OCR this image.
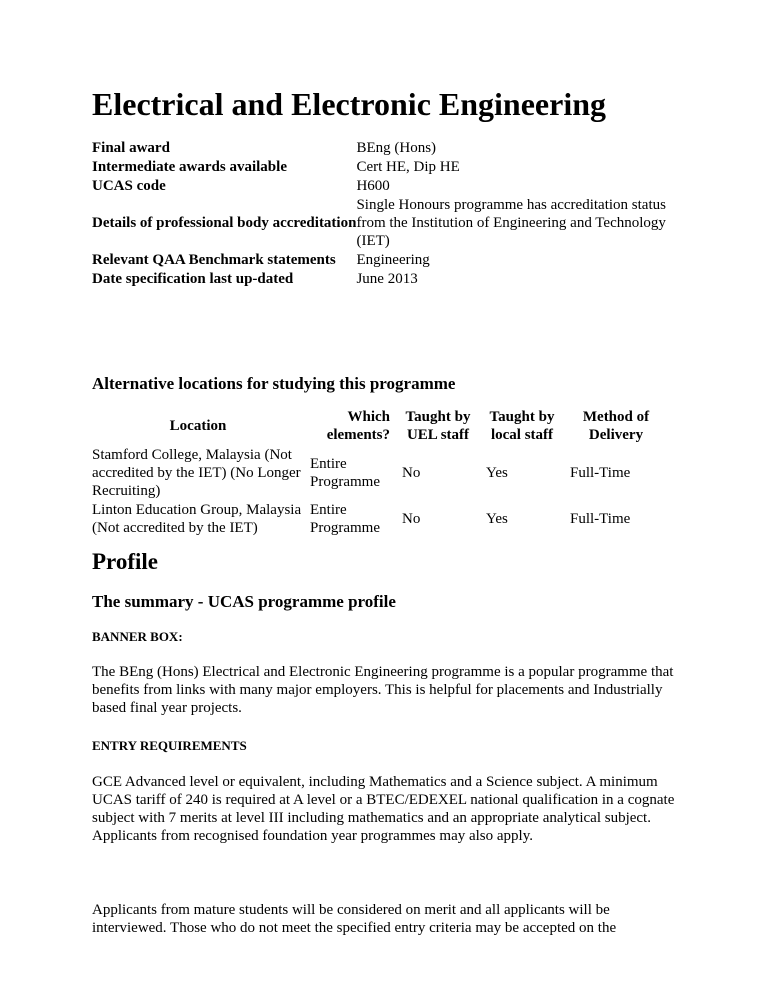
Electrical and Electronic Engineering
Final award	BEng (Hons)
Intermediate awards available	Cert HE, Dip HE
UCAS code	H600
Details of professional body accreditation	Single Honours programme has accreditation status from the Institution of Engineering and Technology (IET)
Relevant QAA Benchmark statements	Engineering
Date specification last up-dated	June 2013
Alternative locations for studying this programme
Location	Which elements?	Taught by UEL staff	Taught by local staff	Method of Delivery
Stamford College, Malaysia (Not accredited by the IET) (No Longer Recruiting)	Entire Programme	No	Yes	Full-Time
Linton Education Group, Malaysia (Not accredited by the IET)	Entire Programme	No	Yes	Full-Time
Profile
The summary - UCAS programme profile
BANNER BOX:

The BEng (Hons) Electrical and Electronic Engineering programme is a popular programme that benefits from links with many major employers. This is helpful for placements and Industrially based final year projects.

ENTRY REQUIREMENTS

GCE Advanced level or equivalent, including Mathematics and a Science subject. A minimum UCAS tariff of 240 is required at A level or a BTEC/EDEXEL national qualification in a cognate subject with 7 merits at level III including mathematics and an appropriate analytical subject. Applicants from recognised foundation year programmes may also apply.

Applicants from mature students will be considered on merit and all applicants will be interviewed. Those who do not meet the specified entry criteria may be accepted on the
